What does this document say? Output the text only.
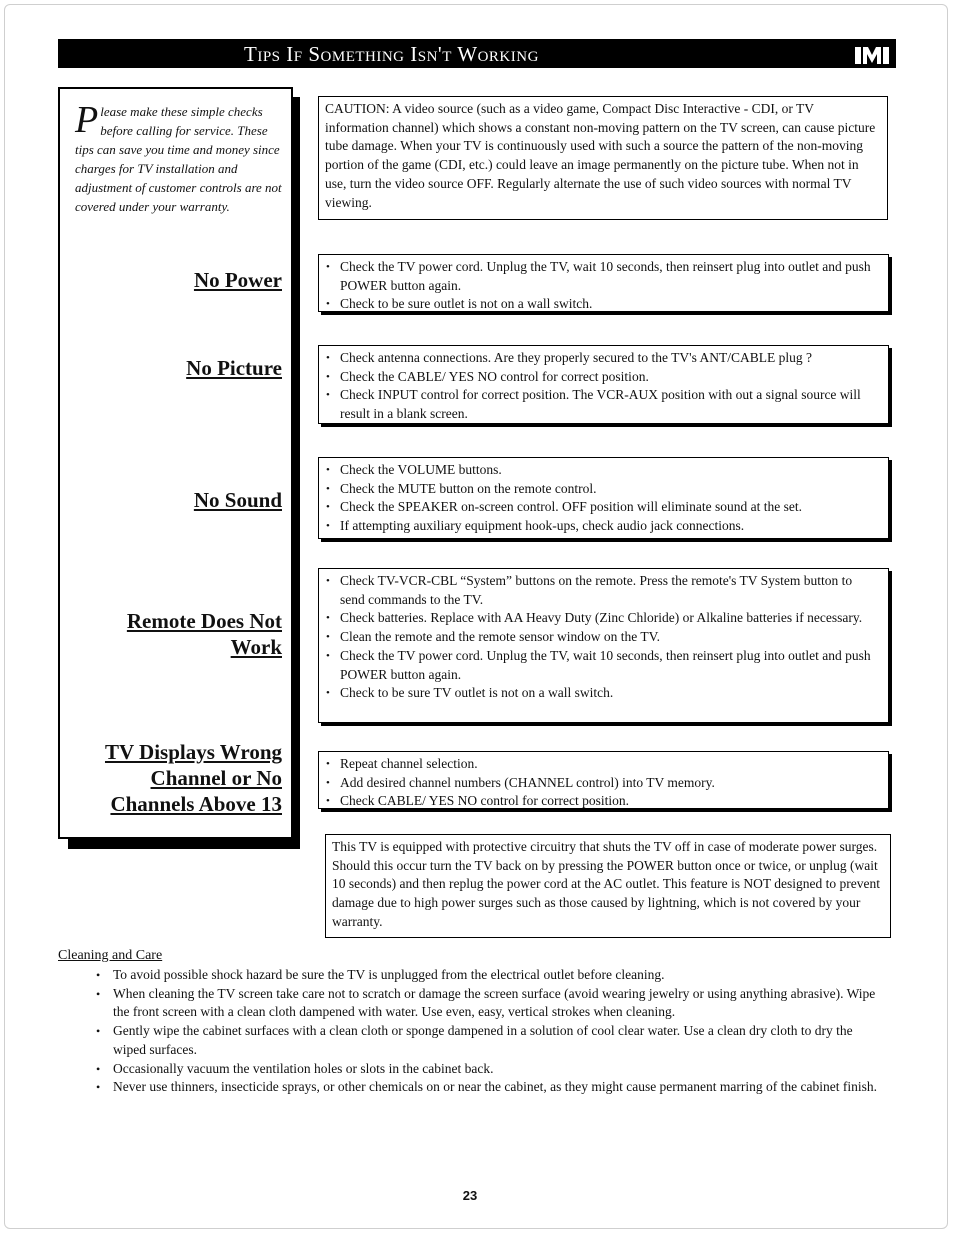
Tips If Something Isn't Working
Please make these simple checks before calling for service. These tips can save you time and money since charges for TV installation and adjustment of customer controls are not covered under your warranty.
No Power
No Picture
No Sound
Remote Does Not
Work
TV Displays Wrong
Channel or No
Channels Above 13

CAUTION: A video source (such as a video game, Compact Disc Interactive - CDI, or TV information channel) which shows a constant non-moving pattern on the TV screen, can cause picture tube damage. When your TV is continuously used with such a source the pattern of the non-moving portion of the game (CDI, etc.) could leave an image permanently on the picture tube. When not in use, turn the video source OFF. Regularly alternate the use of such video sources with normal TV viewing.

• Check the TV power cord. Unplug the TV, wait 10 seconds, then reinsert plug into outlet and push POWER button again.
• Check to be sure outlet is not on a wall switch.
• Check antenna connections. Are they properly secured to the TV's ANT/CABLE plug ?
• Check the CABLE/ YES NO control for correct position.
• Check INPUT control for correct position. The VCR-AUX position with out a signal source will result in a blank screen.
• Check the VOLUME buttons.
• Check the MUTE button on the remote control.
• Check the SPEAKER on-screen control. OFF position will eliminate sound at the set.
• If attempting auxiliary equipment hook-ups, check audio jack connections.
• Check TV-VCR-CBL “System” buttons on the remote. Press the remote's TV System button to send commands to the TV.
• Check batteries. Replace with AA Heavy Duty (Zinc Chloride) or Alkaline batteries if necessary.
• Clean the remote and the remote sensor window on the TV.
• Check the TV power cord. Unplug the TV, wait 10 seconds, then reinsert plug into outlet and push POWER button again.
• Check to be sure TV outlet is not on a wall switch.
• Repeat channel selection.
• Add desired channel numbers (CHANNEL control) into TV memory.
• Check CABLE/ YES NO control for correct position.

This TV is equipped with protective circuitry that shuts the TV off in case of moderate power surges. Should this occur turn the TV back on by pressing the POWER button once or twice, or unplug (wait 10 seconds) and then replug the power cord at the AC outlet. This feature is NOT designed to prevent damage due to high power surges such as those caused by lightning, which is not covered by your warranty.

Cleaning and Care
• To avoid possible shock hazard be sure the TV is unplugged from the electrical outlet before cleaning.
• When cleaning the TV screen take care not to scratch or damage the screen surface (avoid wearing jewelry or using anything abrasive). Wipe the front screen with a clean cloth dampened with water. Use even, easy, vertical strokes when cleaning.
• Gently wipe the cabinet surfaces with a clean cloth or sponge dampened in a solution of cool clear water. Use a clean dry cloth to dry the wiped surfaces.
• Occasionally vacuum the ventilation holes or slots in the cabinet back.
• Never use thinners, insecticide sprays, or other chemicals on or near the cabinet, as they might cause permanent marring of the cabinet finish.
23
